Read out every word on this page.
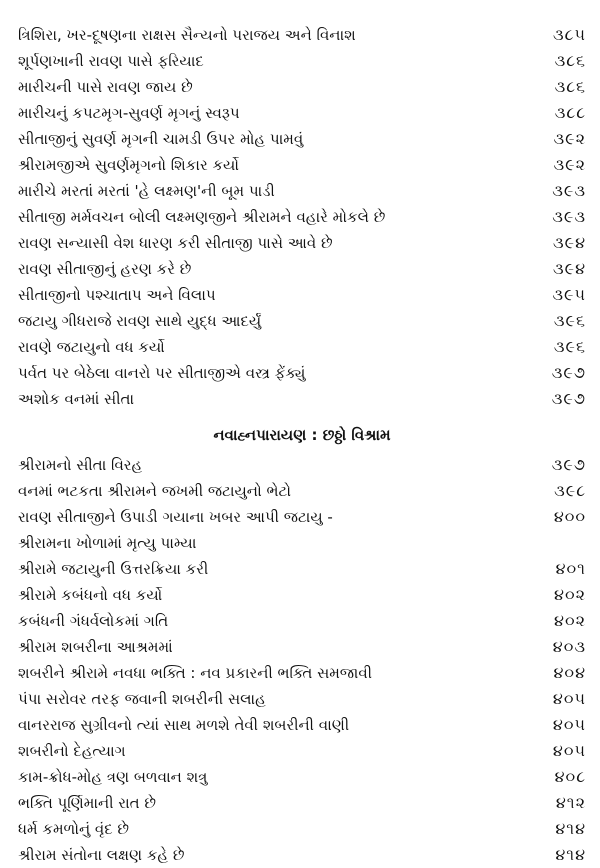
ત્રિશિરા, ખર-દૂષણના રાક્ષસ સૈન્યનો પરાજય અને વિનાશ	૩૮૫
શૂર્પણખાની રાવણ પાસે ફરિયાદ	૩૮૬
મારીચની પાસે રાવણ જાય છે	૩૮૬
મારીચનું કપટમૃગ-સુવર્ણ મૃગનું સ્વરૂપ	૩૮૮
સીતાજીનું સુવર્ણ મૃગની ચામડી ઉપર મોહ પામવું	૩૯૨
શ્રીરામજીએ સુવર્ણમૃગનો શિકાર કર્યો	૩૯૨
મારીચે મરતાં મરતાં 'હે લક્ષ્મણ'ની બૂમ પાડી	૩૯૩
સીતાજી મર્મવચન બોલી લક્ષ્મણજીને શ્રીરામને વહારે મોકલે છે	૩૯૩
રાવણ સન્યાસી વેશ ધારણ કરી સીતાજી પાસે આવે છે	૩૯૪
રાવણ સીતાજીનું હરણ કરે છે	૩૯૪
સીતાજીનો પશ્ચાતાપ અને વિલાપ	૩૯૫
જટાયુ ગીધરાજે રાવણ સાથે યુદ્ધ આદર્યું	૩૯૬
રાવણે જટાયુનો વધ કર્યો	૩૯૬
પર્વત પર બેઠેલા વાનરો પર સીતાજીએ વસ્ત્ર ફેંક્યું	૩૯૭
અશોક વનમાં સીતા	૩૯૭
નવાહ્નપારાયણ : છઠ્ઠો વિશ્રામ
શ્રીરામનો સીતા વિરહ	૩૯૭
વનમાં ભટકતા શ્રીરામને જખમી જટાયુનો ભેટો	૩૯૮
રાવણ સીતાજીને ઉપાડી ગયાના ખબર આપી જટાયુ -	૪૦૦
શ્રીરામના ખોળામાં મૃત્યુ પામ્યા
શ્રીરામે જટાયુની ઉત્તરક્રિયા કરી	૪૦૧
શ્રીરામે કબંધનો વધ કર્યો	૪૦૨
કબંધની ગંધર્વલોકમાં ગતિ	૪૦૨
શ્રીરામ શબરીના આશ્રમમાં	૪૦૩
શબરીને શ્રીરામે નવધા ભક્તિ : નવ પ્રકારની ભક્તિ સમજાવી	૪૦૪
પંપા સરોવર તરફ જવાની શબરીની સલાહ	૪૦૫
વાનરરાજ સુગ્રીવનો ત્યાં સાથ મળશે તેવી શબરીની વાણી	૪૦૫
શબરીનો દેહત્યાગ	૪૦૫
કામ-ક્રોધ-મોહ ત્રણ બળવાન શત્રુ	૪૦૮
ભક્તિ પૂર્ણિમાની રાત છે	૪૧૨
ધર્મ કમળોનું વૃંદ છે	૪૧૪
શ્રીરામ સંતોના લક્ષણ કહે છે	૪૧૪
